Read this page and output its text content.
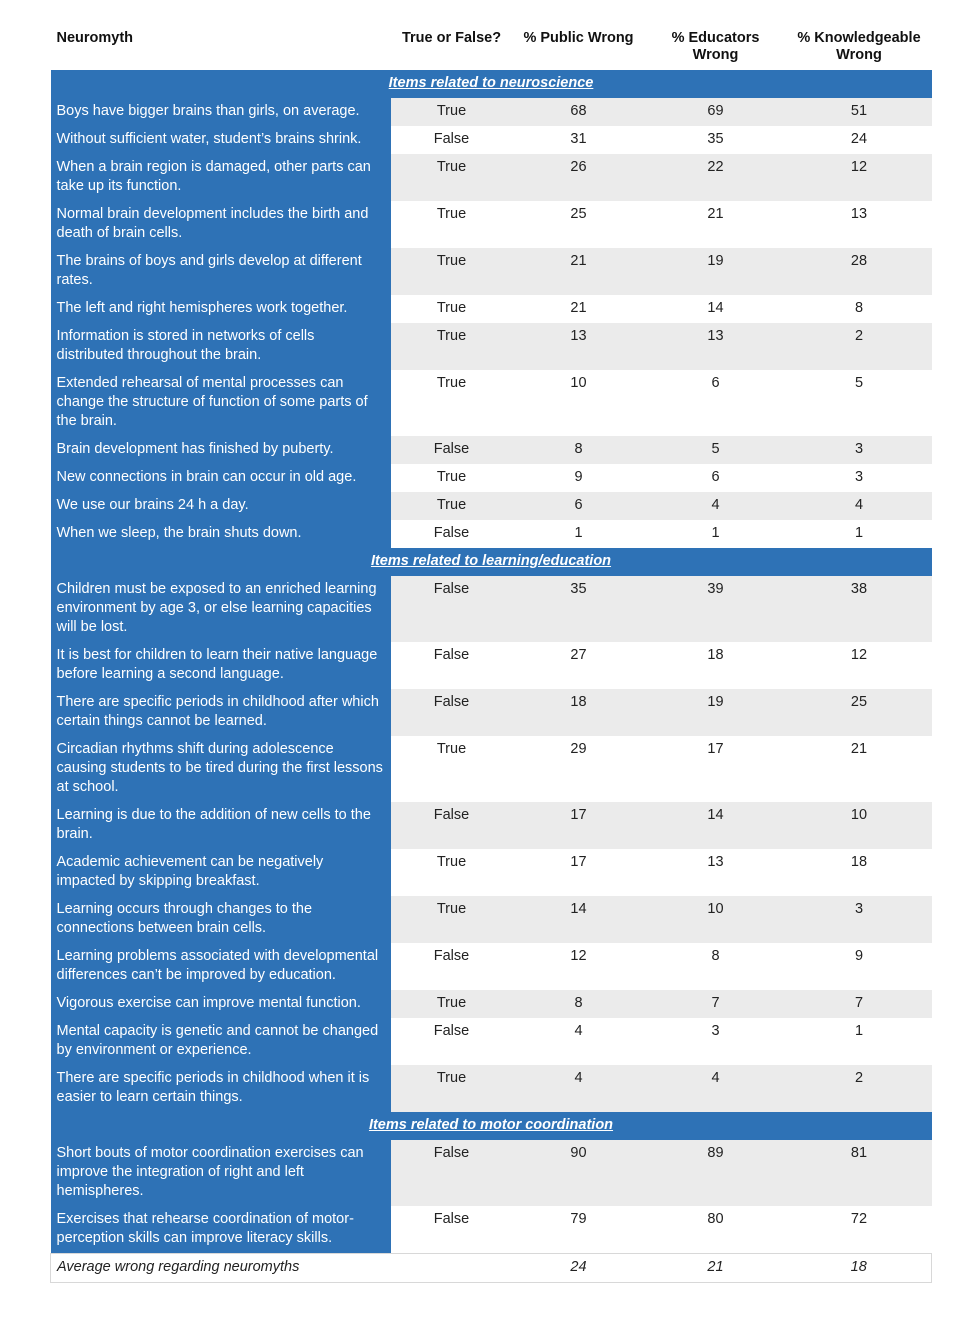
Neuromyth	True or False?	% Public Wrong	% Educators Wrong	% Knowledgeable Wrong
Items related to neuroscience				
Boys have bigger brains than girls, on average.	True	68	69	51
Without sufficient water, student’s brains shrink.	False	31	35	24
When a brain region is damaged, other parts can take up its function.	True	26	22	12
Normal brain development includes the birth and death of brain cells.	True	25	21	13
The brains of boys and girls develop at different rates.	True	21	19	28
The left and right hemispheres work together.	True	21	14	8
Information is stored in networks of cells distributed throughout the brain.	True	13	13	2
Extended rehearsal of mental processes can change the structure of function of some parts of the brain.	True	10	6	5
Brain development has finished by puberty.	False	8	5	3
New connections in brain can occur in old age.	True	9	6	3
We use our brains 24 h a day.	True	6	4	4
When we sleep, the brain shuts down.	False	1	1	1
Items related to learning/education				
Children must be exposed to an enriched learning environment by age 3, or else learning capacities will be lost.	False	35	39	38
It is best for children to learn their native language before learning a second language.	False	27	18	12
There are specific periods in childhood after which certain things cannot be learned.	False	18	19	25
Circadian rhythms shift during adolescence causing students to be tired during the first lessons at school.	True	29	17	21
Learning is due to the addition of new cells to the brain.	False	17	14	10
Academic achievement can be negatively impacted by skipping breakfast.	True	17	13	18
Learning occurs through changes to the connections between brain cells.	True	14	10	3
Learning problems associated with developmental differences can’t be improved by education.	False	12	8	9
Vigorous exercise can improve mental function.	True	8	7	7
Mental capacity is genetic and cannot be changed by environment or experience.	False	4	3	1
There are specific periods in childhood when it is easier to learn certain things.	True	4	4	2
Items related to motor coordination				
Short bouts of motor coordination exercises can improve the integration of right and left hemispheres.	False	90	89	81
Exercises that rehearse coordination of motor-perception skills can improve literacy skills.	False	79	80	72
Average wrong regarding neuromyths		24	21	18
